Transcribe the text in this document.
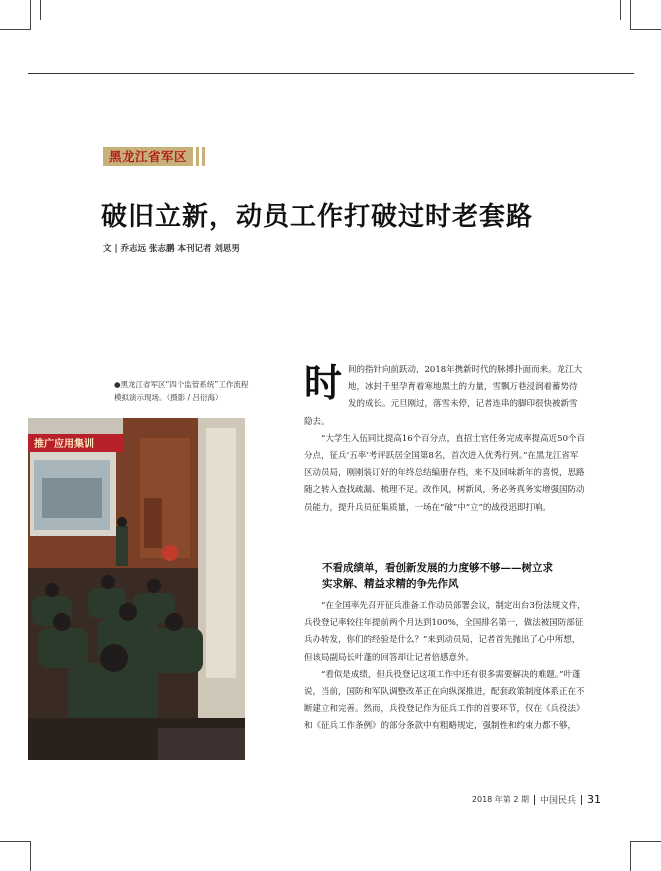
黑龙江省军区
破旧立新，动员工作打破过时老套路
文 | 乔志远 张志鹏 本刊记者 刘思男
●黑龙江省军区“四个监管系统”工作流程模拟演示现场。（摄影 / 吕衍海）
推广应用集训
时 间的指针向前跃动，2018年携新时代的脉搏扑面而来。龙江大地，冰封千里孕育着寒地黑土的力量，雪飘万巷浸润着蓄势待发的成长。元旦刚过，落雪未停，记者连串的脚印很快被新雪隐去。

“大学生入伍同比提高16个百分点，直招士官任务完成率提高近50个百分点，征兵‘五率’考评跃居全国第8名，首次进入优秀行列。”在黑龙江省军区动员局，刚刚装订好的年终总结编册存档，来不及回味新年的喜悦，思路随之转入查找疏漏、梳理不足。改作风，树新风，务必务真务实增强国防动员能力，提升兵员征集质量，一场在“破”中“立”的战役迅即打响。

不看成绩单，看创新发展的力度够不够——树立求实求解、精益求精的争先作风

“在全国率先召开征兵准备工作动员部署会议，制定出台3份法规文件，兵役登记率较往年提前两个月达到100%，全国排名第一，做法被国防部征兵办转发，你们的经验是什么？”来到动员局，记者首先抛出了心中所想，但该局副局长叶蓬的回答却让记者倍感意外。

“看似是成绩，但兵役登记这项工作中还有很多需要解决的难题。”叶蓬说，当前，国防和军队调整改革正在向纵深推进，配套政策制度体系正在不断建立和完善。然而，兵役登记作为征兵工作的首要环节，仅在《兵役法》和《征兵工作条例》的部分条款中有粗略规定，强制性和约束力都不够，

2018 年第 2 期 中国民兵 31
